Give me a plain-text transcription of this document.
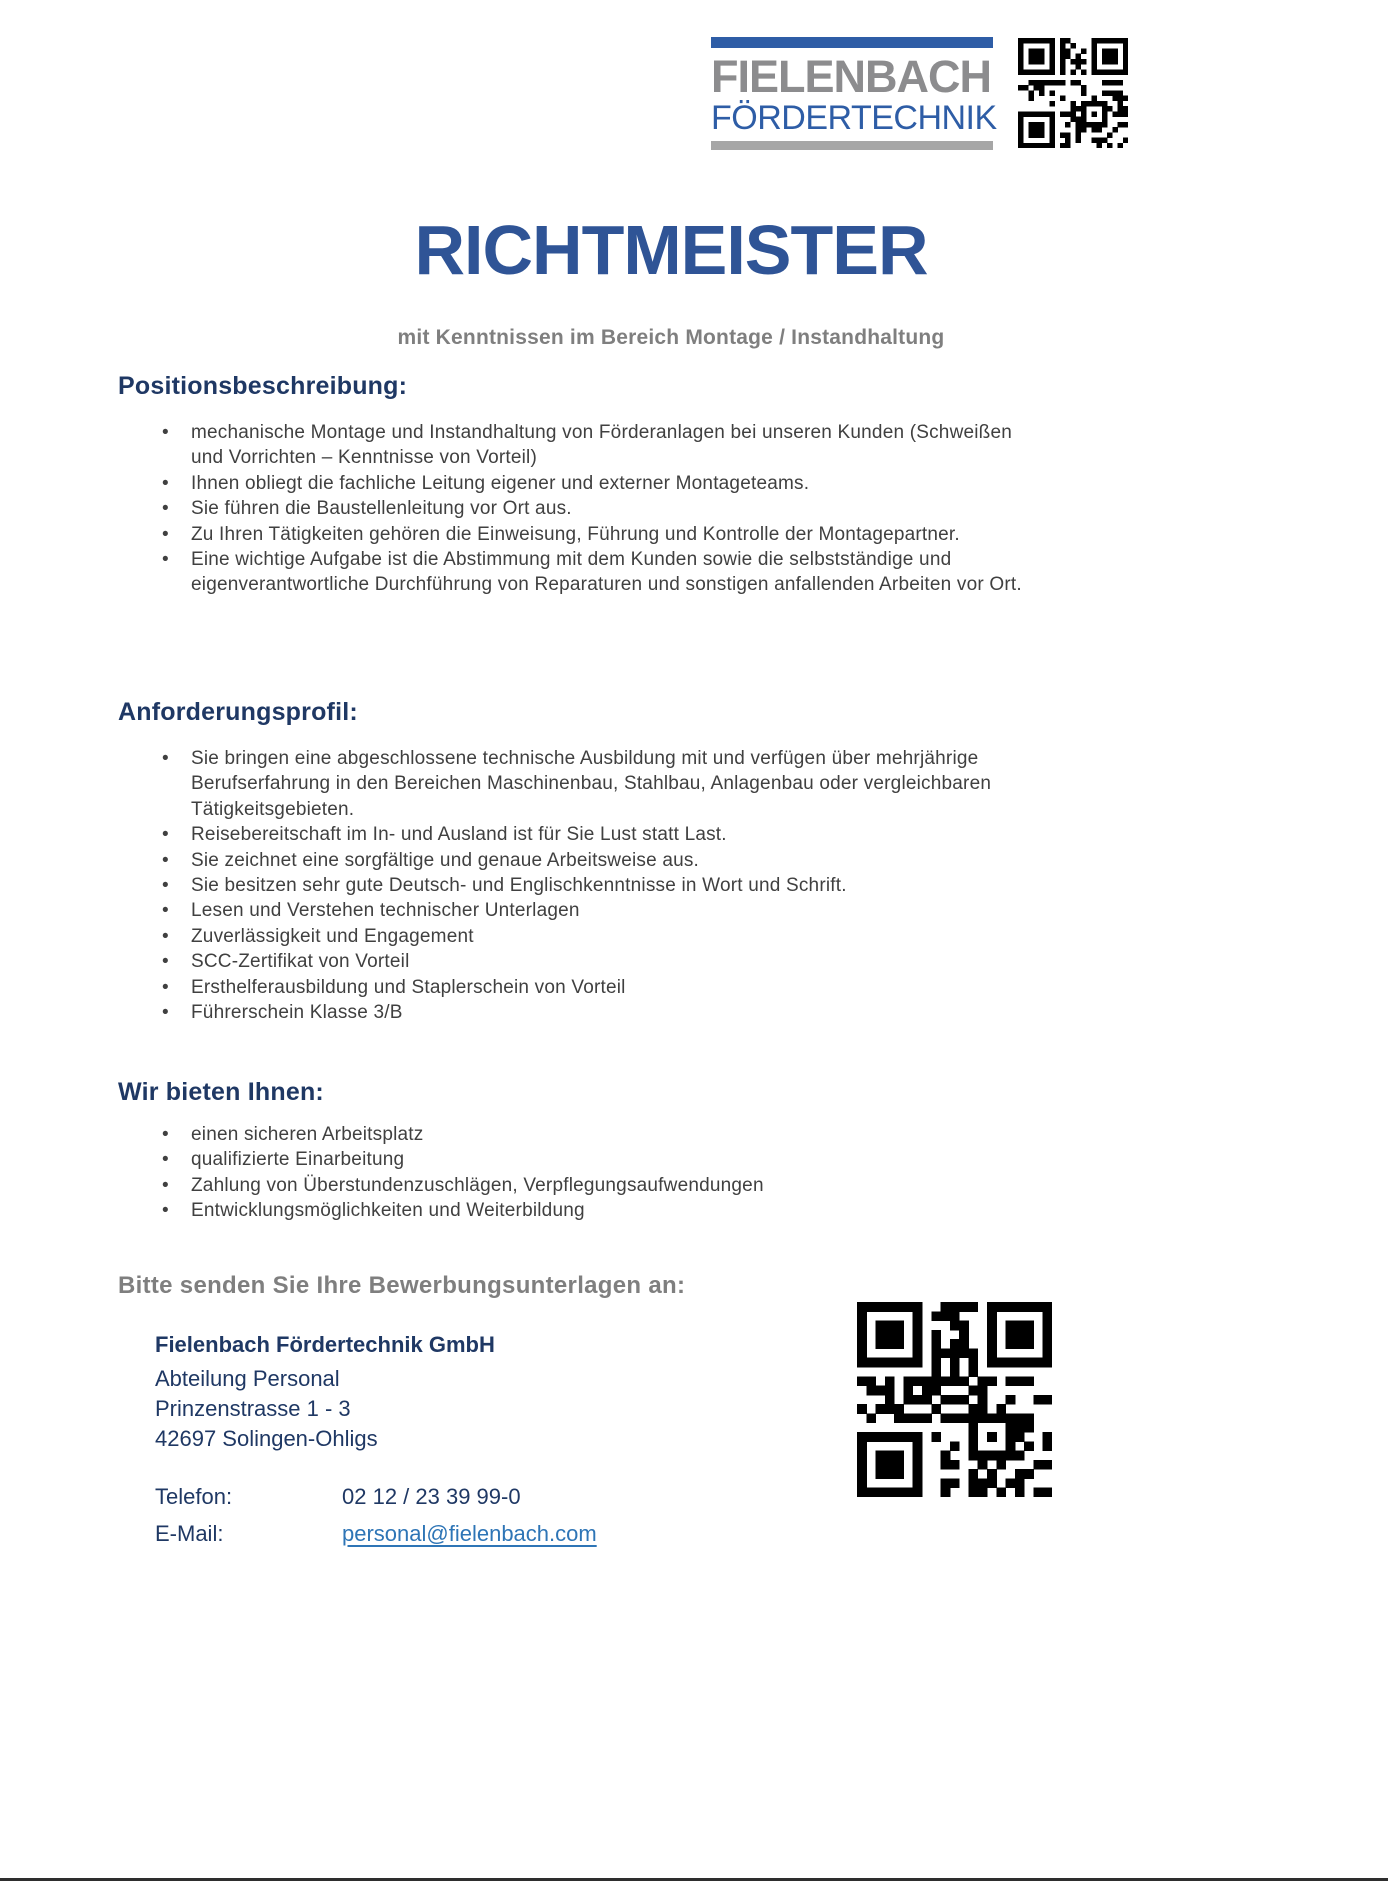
FIELENBACH
FÖRDERTECHNIK
RICHTMEISTER

mit Kenntnissen im Bereich Montage / Instandhaltung

Positionsbeschreibung:
• mechanische Montage und Instandhaltung von Förderanlagen bei unseren Kunden (Schweißen und Vorrichten – Kenntnisse von Vorteil)
• Ihnen obliegt die fachliche Leitung eigener und externer Montageteams.
• Sie führen die Baustellenleitung vor Ort aus.
• Zu Ihren Tätigkeiten gehören die Einweisung, Führung und Kontrolle der Montagepartner.
• Eine wichtige Aufgabe ist die Abstimmung mit dem Kunden sowie die selbstständige und eigenverantwortliche Durchführung von Reparaturen und sonstigen anfallenden Arbeiten vor Ort.
Anforderungsprofil:
• Sie bringen eine abgeschlossene technische Ausbildung mit und verfügen über mehrjährige Berufserfahrung in den Bereichen Maschinenbau, Stahlbau, Anlagenbau oder vergleichbaren Tätigkeitsgebieten.
• Reisebereitschaft im In- und Ausland ist für Sie Lust statt Last.
• Sie zeichnet eine sorgfältige und genaue Arbeitsweise aus.
• Sie besitzen sehr gute Deutsch- und Englischkenntnisse in Wort und Schrift.
• Lesen und Verstehen technischer Unterlagen
• Zuverlässigkeit und Engagement
• SCC-Zertifikat von Vorteil
• Ersthelferausbildung und Staplerschein von Vorteil
• Führerschein Klasse 3/B
Wir bieten Ihnen:
• einen sicheren Arbeitsplatz
• qualifizierte Einarbeitung
• Zahlung von Überstundenzuschlägen, Verpflegungsaufwendungen
• Entwicklungsmöglichkeiten und Weiterbildung
Bitte senden Sie Ihre Bewerbungsunterlagen an:
Fielenbach Fördertechnik GmbH
Abteilung Personal
Prinzenstrasse 1 - 3
42697 Solingen-Ohligs
Telefon:	02 12 / 23 39 99-0
E-Mail:	personal@fielenbach.com
